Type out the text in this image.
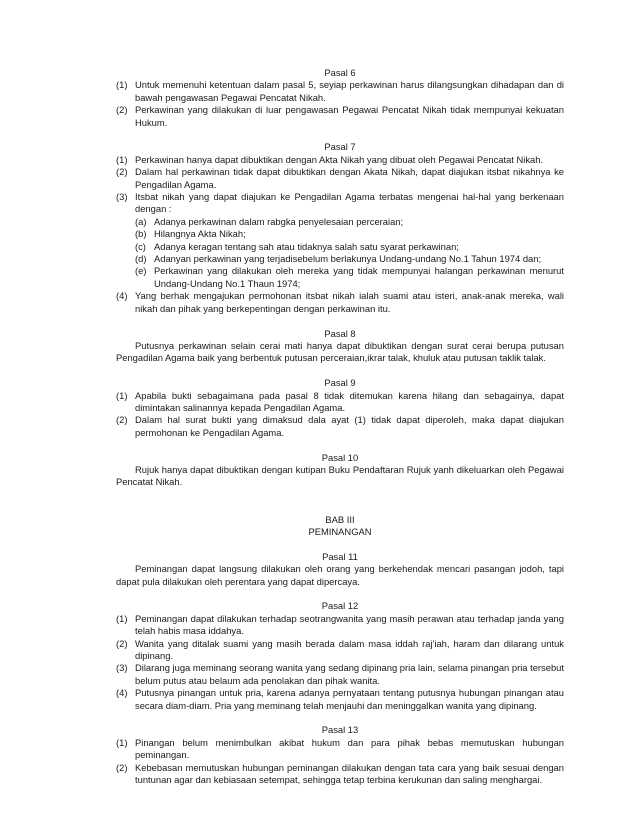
Pasal 6
(1) Untuk memenuhi ketentuan dalam pasal 5, seyiap perkawinan harus dilangsungkan dihadapan dan di bawah pengawasan Pegawai Pencatat Nikah.
(2) Perkawinan yang dilakukan di luar pengawasan Pegawai Pencatat Nikah tidak mempunyai kekuatan Hukum.
Pasal 7
(1) Perkawinan hanya dapat dibuktikan dengan Akta Nikah yang dibuat oleh Pegawai Pencatat Nikah.
(2) Dalam hal perkawinan tidak dapat dibuktikan dengan Akata Nikah, dapat diajukan itsbat nikahnya ke Pengadilan Agama.
(3) Itsbat nikah yang dapat diajukan ke Pengadilan Agama terbatas mengenai hal-hal yang berkenaan dengan :
(a) Adanya perkawinan dalam rabgka penyelesaian perceraian;
(b) Hilangnya Akta Nikah;
(c) Adanya keragan tentang sah atau tidaknya salah satu syarat perkawinan;
(d) Adanyan perkawinan yang terjadisebelum berlakunya Undang-undang No.1 Tahun 1974 dan;
(e) Perkawinan yang dilakukan oleh mereka yang tidak mempunyai halangan perkawinan menurut Undang-Undang No.1 Thaun 1974;
(4) Yang berhak mengajukan permohonan itsbat nikah ialah suami atau isteri, anak-anak mereka, wali nikah dan pihak yang berkepentingan dengan perkawinan itu.
Pasal 8
Putusnya perkawinan selain cerai mati hanya dapat dibuktikan dengan surat cerai berupa putusan Pengadilan Agama baik yang berbentuk putusan perceraian,ikrar talak, khuluk atau putusan taklik talak.
Pasal 9
(1) Apabila bukti sebagaimana pada pasal 8 tidak ditemukan karena hilang dan sebagainya, dapat dimintakan salinannya kepada Pengadilan Agama.
(2) Dalam hal surat bukti yang dimaksud dala ayat (1) tidak dapat diperoleh, maka dapat diajukan permohonan ke Pengadilan Agama.
Pasal 10
Rujuk hanya dapat dibuktikan dengan kutipan Buku Pendaftaran Rujuk yanh dikeluarkan oleh Pegawai Pencatat Nikah.
BAB III
PEMINANGAN
Pasal 11
Peminangan dapat langsung dilakukan oleh orang yang berkehendak mencari pasangan jodoh, tapi dapat pula dilakukan oleh perentara yang dapat dipercaya.
Pasal 12
(1) Peminangan dapat dilakukan terhadap seotrangwanita yang masih perawan atau terhadap janda yang telah habis masa iddahya.
(2) Wanita yang ditalak suami yang masih berada dalam masa iddah raj'iah, haram dan dilarang untuk dipinang.
(3) Dilarang juga meminang seorang wanita yang sedang dipinang pria lain, selama pinangan pria tersebut belum putus atau belaum ada penolakan dan pihak wanita.
(4) Putusnya pinangan untuk pria, karena adanya pernyataan tentang putusnya hubungan pinangan atau secara diam-diam. Pria yang meminang telah menjauhi dan meninggalkan wanita yang dipinang.
Pasal 13
(1) Pinangan belum menimbulkan akibat hukum dan para pihak bebas memutuskan hubungan peminangan.
(2) Kebebasan memutuskan hubungan peminangan dilakukan dengan tata cara yang baik sesuai dengan tuntunan agar dan kebiasaan setempat, sehingga tetap terbina kerukunan dan saling menghargai.
